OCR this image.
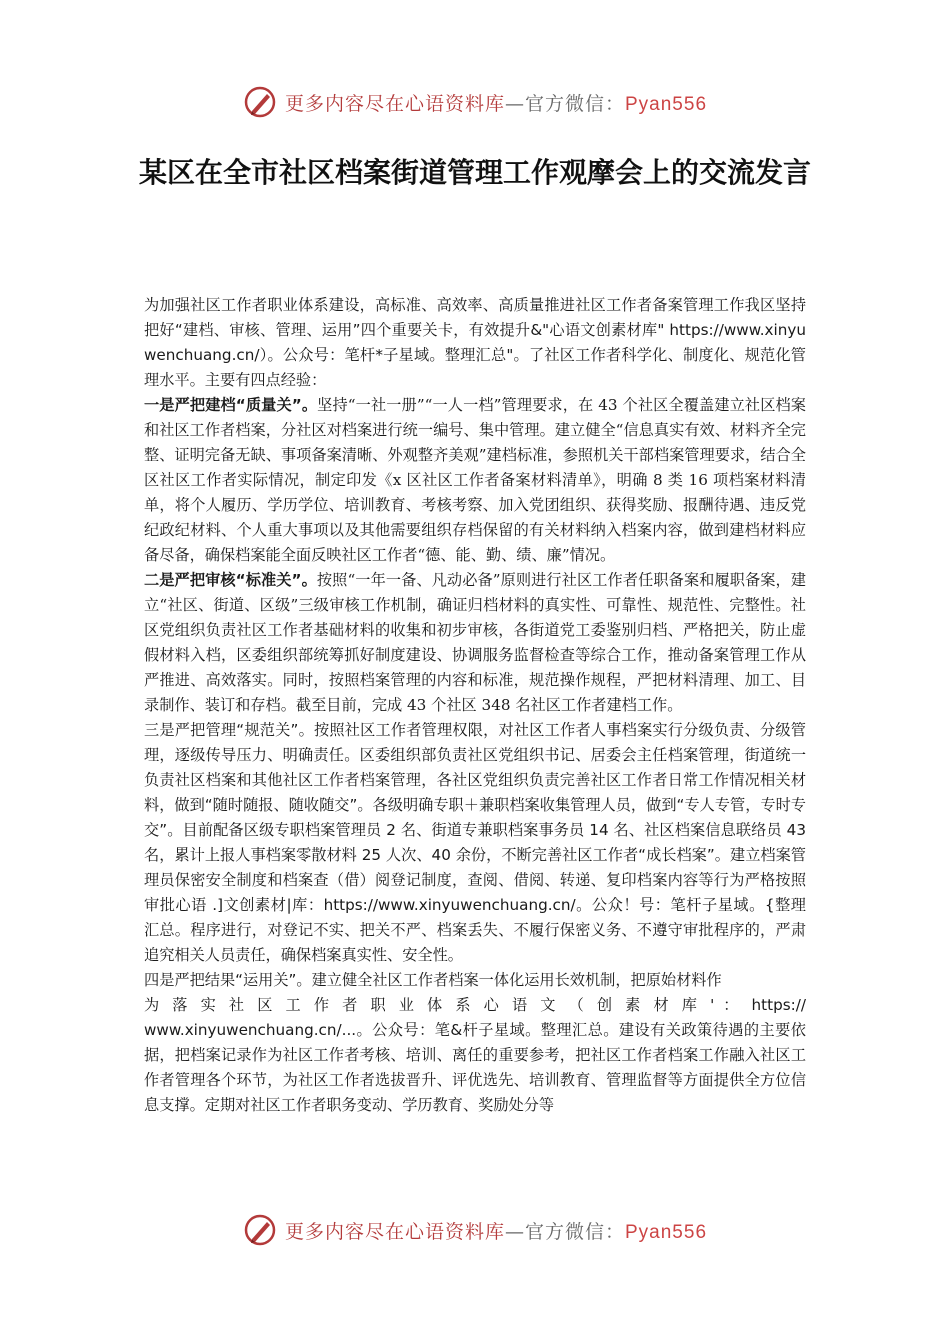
更多内容尽在心语资料库—官方微信：Pyan556
某区在全市社区档案街道管理工作观摩会上的交流发言

为加强社区工作者职业体系建设，高标准、高效率、高质量推进社区工作者备案管理工作我区坚持把好“建档、审核、管理、运用”四个重要关卡，有效提升&"心语文创素材库" https://www.xinyuwenchuang.cn/）。公众号：笔杆*子星域。整理汇总"。了社区工作者科学化、制度化、规范化管理水平。主要有四点经验：

一是严把建档“质量关”。坚持“一社一册”“一人一档”管理要求，在 43 个社区全覆盖建立社区档案和社区工作者档案，分社区对档案进行统一编号、集中管理。建立健全“信息真实有效、材料齐全完整、证明完备无缺、事项备案清晰、外观整齐美观”建档标准，参照机关干部档案管理要求，结合全区社区工作者实际情况，制定印发《x 区社区工作者备案材料清单》，明确 8 类 16 项档案材料清单，将个人履历、学历学位、培训教育、考核考察、加入党团组织、获得奖励、报酬待遇、违反党纪政纪材料、个人重大事项以及其他需要组织存档保留的有关材料纳入档案内容，做到建档材料应备尽备，确保档案能全面反映社区工作者“德、能、勤、绩、廉”情况。

二是严把审核“标准关”。按照“一年一备、凡动必备”原则进行社区工作者任职备案和履职备案，建立“社区、街道、区级”三级审核工作机制，确证归档材料的真实性、可靠性、规范性、完整性。社区党组织负责社区工作者基础材料的收集和初步审核，各街道党工委鉴别归档、严格把关，防止虚假材料入档，区委组织部统筹抓好制度建设、协调服务监督检查等综合工作，推动备案管理工作从严推进、高效落实。同时，按照档案管理的内容和标准，规范操作规程，严把材料清理、加工、目录制作、装订和存档。截至目前，完成 43 个社区 348 名社区工作者建档工作。

三是严把管理“规范关”。按照社区工作者管理权限，对社区工作者人事档案实行分级负责、分级管理，逐级传导压力、明确责任。区委组织部负责社区党组织书记、居委会主任档案管理，街道统一负责社区档案和其他社区工作者档案管理，各社区党组织负责完善社区工作者日常工作情况相关材料，做到“随时随报、随收随交”。各级明确专职＋兼职档案收集管理人员，做到“专人专管，专时专交”。目前配备区级专职档案管理员 2 名、街道专兼职档案事务员 14 名、社区档案信息联络员 43 名，累计上报人事档案零散材料 25 人次、40 余份，不断完善社区工作者“成长档案”。建立档案管理员保密安全制度和档案查（借）阅登记制度，查阅、借阅、转递、复印档案内容等行为严格按照审批心语 .]文创素材|库：https://www.xinyuwenchuang.cn/。公众！号：笔杆子星域。{整理汇总。程序进行，对登记不实、把关不严、档案丢失、不履行保密义务、不遵守审批程序的，严肃追究相关人员责任，确保档案真实性、安全性。

四是严把结果“运用关”。建立健全社区工作者档案一体化运用长效机制，把原始材料作

为 落 实 社 区 工 作 者 职 业 体 系 心 语 文 （ 创 素 材 库 ' ： https://

www.xinyuwenchuang.cn/...。公众号：笔&杆子星域。整理汇总。建设有关政策待遇的主要依据，把档案记录作为社区工作者考核、培训、离任的重要参考，把社区工作者档案工作融入社区工作者管理各个环节，为社区工作者选拔晋升、评优选先、培训教育、管理监督等方面提供全方位信息支撑。定期对社区工作者职务变动、学历教育、奖励处分等

更多内容尽在心语资料库—官方微信：Pyan556
